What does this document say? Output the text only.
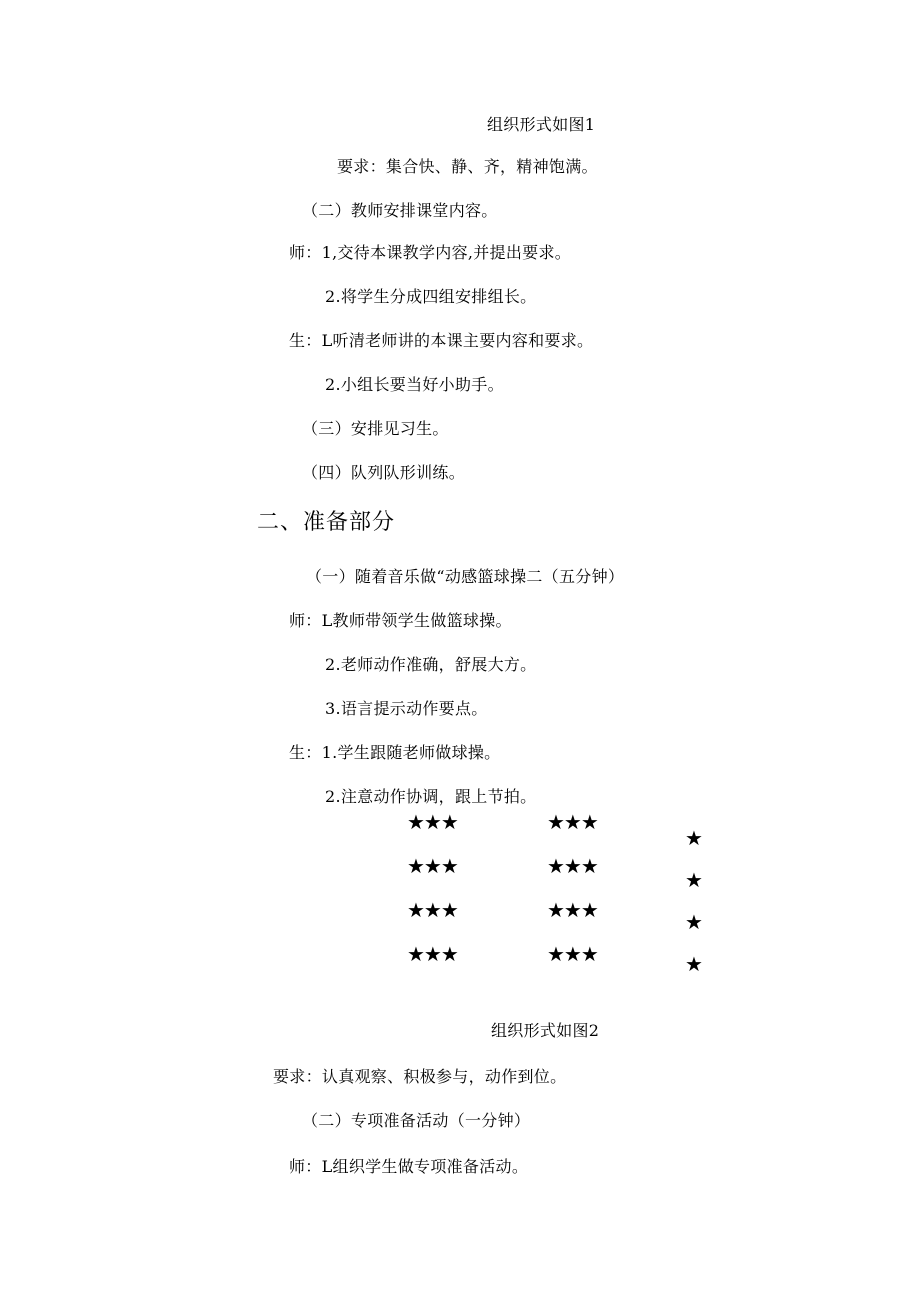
组织形式如图1
要求：集合快、静、齐，精神饱满。
（二）教师安排课堂内容。
师：1,交待本课教学内容,并提出要求。
2.将学生分成四组安排组长。
生：L听清老师讲的本课主要内容和要求。
2.小组长要当好小助手。
（三）安排见习生。
（四）队列队形训练。
二、准备部分
（一）随着音乐做“动感篮球操二（五分钟）
师：L教师带领学生做篮球操。
2.老师动作准确，舒展大方。
3.语言提示动作要点。
生：1.学生跟随老师做球操。
2.注意动作协调，跟上节拍。
★★★	★★★
★★★	★★★
★★★	★★★
★★★	★★★
★
★
★
★
组织形式如图2
要求：认真观察、积极参与，动作到位。
（二）专项准备活动（一分钟）
师：L组织学生做专项准备活动。
